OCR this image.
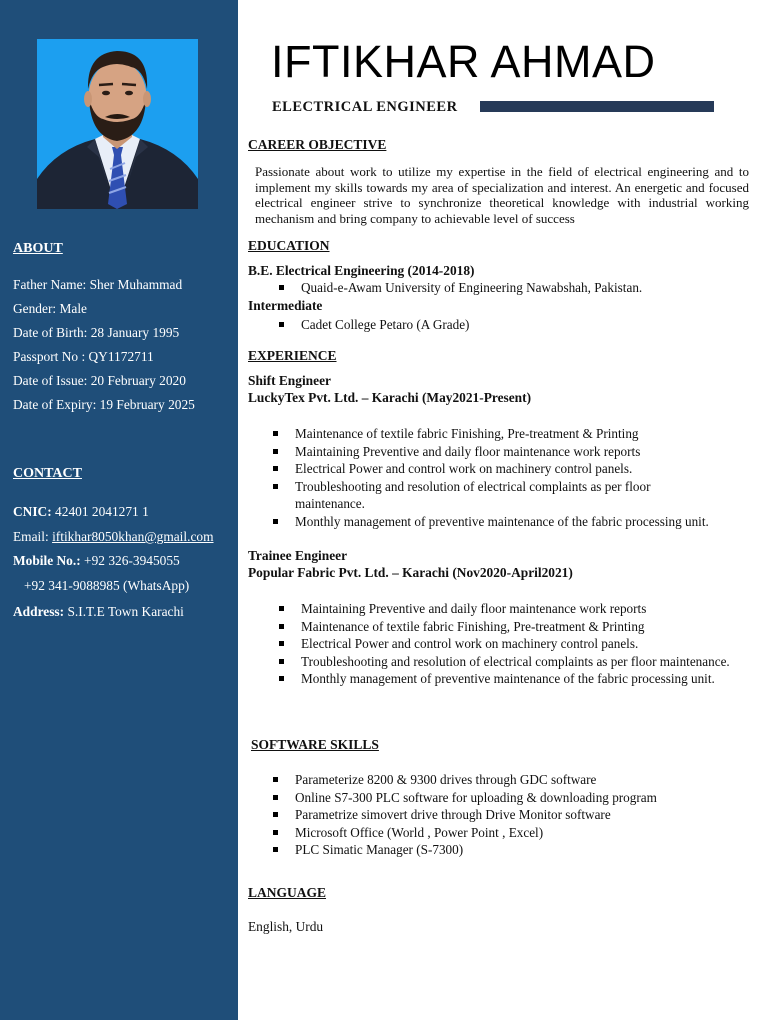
ABOUT
Father Name: Sher Muhammad
Gender: Male
Date of Birth: 28 January 1995
Passport No : QY1172711
Date of Issue: 20 February 2020
Date of Expiry: 19 February 2025
CONTACT
CNIC: 42401 2041271 1
Email: iftikhar8050khan@gmail.com
Mobile No.: +92 326-3945055
+92 341-9088985 (WhatsApp)
Address: S.I.T.E Town Karachi
IFTIKHAR AHMAD
ELECTRICAL ENGINEER
CAREER OBJECTIVE
Passionate about work to utilize my expertise in the field of electrical engineering and to implement my skills towards my area of specialization and interest. An energetic and focused electrical engineer strive to synchronize theoretical knowledge with industrial working mechanism and bring company to achievable level of success
EDUCATION
B.E. Electrical Engineering (2014-2018)
Quaid-e-Awam University of Engineering Nawabshah, Pakistan.
Intermediate
Cadet College Petaro (A Grade)
EXPERIENCE
Shift Engineer
LuckyTex Pvt. Ltd. – Karachi (May2021-Present)
Maintenance of textile fabric Finishing, Pre-treatment & Printing
Maintaining Preventive and daily floor maintenance work reports
Electrical Power and control work on machinery control panels.
Troubleshooting and resolution of electrical complaints as per floor maintenance.
Monthly management of preventive maintenance of the fabric processing unit.
Trainee Engineer
Popular Fabric Pvt. Ltd. – Karachi (Nov2020-April2021)
Maintaining Preventive and daily floor maintenance work reports
Maintenance of textile fabric Finishing, Pre-treatment & Printing
Electrical Power and control work on machinery control panels.
Troubleshooting and resolution of electrical complaints as per floor maintenance.
Monthly management of preventive maintenance of the fabric processing unit.
SOFTWARE SKILLS
Parameterize 8200 & 9300 drives through GDC software
Online S7-300 PLC software for uploading & downloading program
Parametrize simovert drive through Drive Monitor software
Microsoft Office (World , Power Point , Excel)
PLC Simatic Manager (S-7300)
LANGUAGE
English, Urdu
